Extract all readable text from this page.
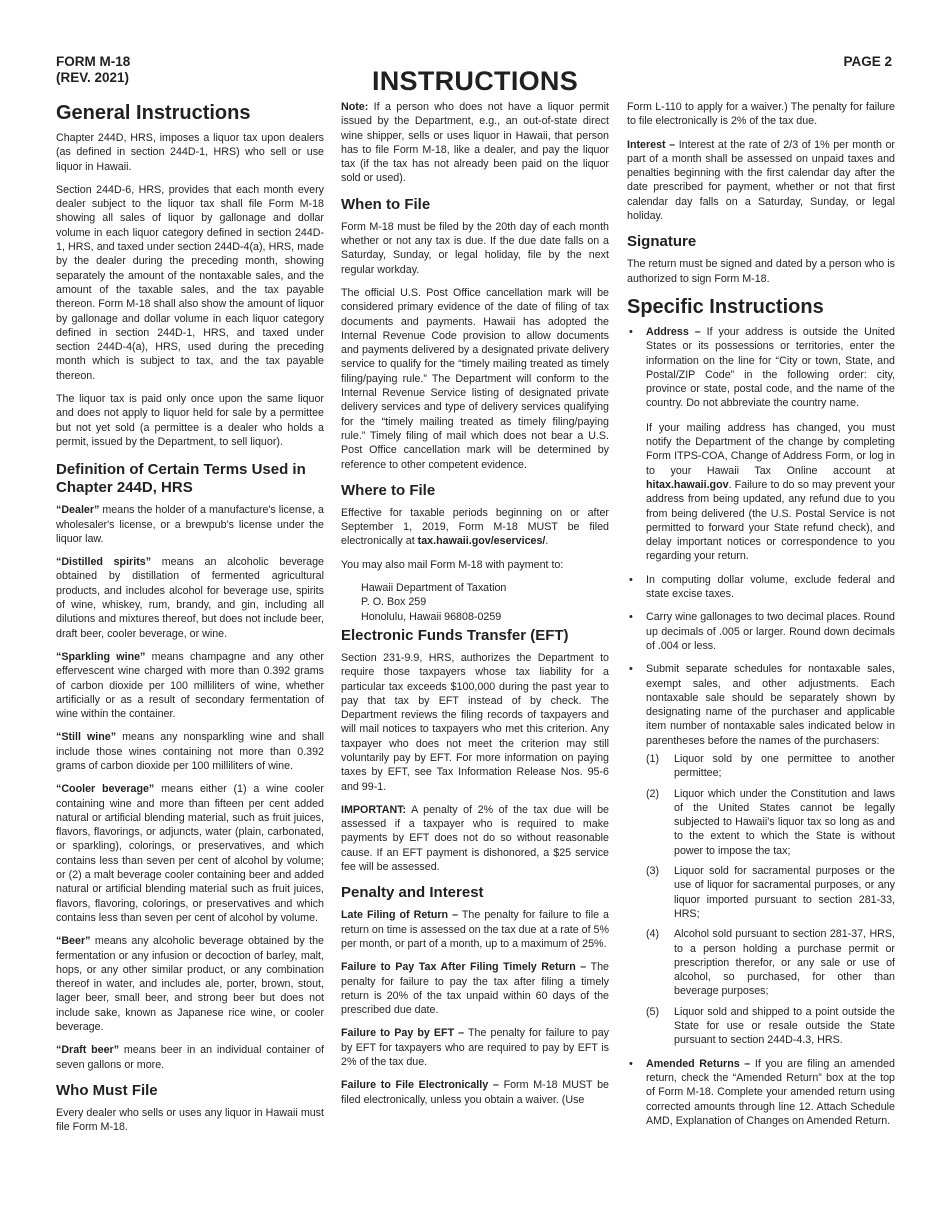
FORM M-18
(REV. 2021)
PAGE 2
INSTRUCTIONS
General Instructions

Chapter 244D, HRS, imposes a liquor tax upon dealers (as defined in section 244D-1, HRS) who sell or use liquor in Hawaii.

Section 244D-6, HRS, provides that each month every dealer subject to the liquor tax shall file Form M-18 showing all sales of liquor by gallonage and dollar volume in each liquor category defined in section 244D-1, HRS, and taxed under section 244D-4(a), HRS, made by the dealer during the preceding month, showing separately the amount of the nontaxable sales, and the amount of the taxable sales, and the tax payable thereon. Form M-18 shall also show the amount of liquor by gallonage and dollar volume in each liquor category defined in section 244D-1, HRS, and taxed under section 244D-4(a), HRS, used during the preceding month which is subject to tax, and the tax payable thereon.

The liquor tax is paid only once upon the same liquor and does not apply to liquor held for sale by a permittee but not yet sold (a permittee is a dealer who holds a permit, issued by the Department, to sell liquor).

Definition of Certain Terms Used in Chapter 244D, HRS

“Dealer” means the holder of a manufacture's license, a wholesaler's license, or a brewpub's license under the liquor law.

“Distilled spirits” means an alcoholic beverage obtained by distillation of fermented agricultural products, and includes alcohol for beverage use, spirits of wine, whiskey, rum, brandy, and gin, including all dilutions and mixtures thereof, but does not include beer, draft beer, cooler beverage, or wine.

“Sparkling wine” means champagne and any other effervescent wine charged with more than 0.392 grams of carbon dioxide per 100 milliliters of wine, whether artificially or as a result of secondary fermentation of wine within the container.

“Still wine” means any nonsparkling wine and shall include those wines containing not more than 0.392 grams of carbon dioxide per 100 milliliters of wine.

“Cooler beverage” means either (1) a wine cooler containing wine and more than fifteen per cent added natural or artificial blending material, such as fruit juices, flavors, flavorings, or adjuncts, water (plain, carbonated, or sparkling), colorings, or preservatives, and which contains less than seven per cent of alcohol by volume; or (2) a malt beverage cooler containing beer and added natural or artificial blending material such as fruit juices, flavors, flavoring, colorings, or preservatives and which contains less than seven per cent of alcohol by volume.

“Beer” means any alcoholic beverage obtained by the fermentation or any infusion or decoction of barley, malt, hops, or any other similar product, or any combination thereof in water, and includes ale, porter, brown, stout, lager beer, small beer, and strong beer but does not include sake, known as Japanese rice wine, or cooler beverage.

“Draft beer” means beer in an individual container of seven gallons or more.

Who Must File

Every dealer who sells or uses any liquor in Hawaii must file Form M-18.

Note: If a person who does not have a liquor permit issued by the Department, e.g., an out-of-state direct wine shipper, sells or uses liquor in Hawaii, that person has to file Form M-18, like a dealer, and pay the liquor tax (if the tax has not already been paid on the liquor sold or used).

When to File

Form M-18 must be filed by the 20th day of each month whether or not any tax is due. If the due date falls on a Saturday, Sunday, or legal holiday, file by the next regular workday.

The official U.S. Post Office cancellation mark will be considered primary evidence of the date of filing of tax documents and payments. Hawaii has adopted the Internal Revenue Code provision to allow documents and payments delivered by a designated private delivery service to qualify for the “timely mailing treated as timely filing/paying rule.” The Department will conform to the Internal Revenue Service listing of designated private delivery services and type of delivery services qualifying for the “timely mailing treated as timely filing/paying rule.” Timely filing of mail which does not bear a U.S. Post Office cancellation mark will be determined by reference to other competent evidence.

Where to File

Effective for taxable periods beginning on or after September 1, 2019, Form M-18 MUST be filed electronically at tax.hawaii.gov/eservices/.

You may also mail Form M-18 with payment to:

Hawaii Department of Taxation
P. O. Box 259
Honolulu, Hawaii 96808-0259
Electronic Funds Transfer (EFT)

Section 231-9.9, HRS, authorizes the Department to require those taxpayers whose tax liability for a particular tax exceeds $100,000 during the past year to pay that tax by EFT instead of by check. The Department reviews the filing records of taxpayers and will mail notices to taxpayers who met this criterion. Any taxpayer who does not meet the criterion may still voluntarily pay by EFT. For more information on paying taxes by EFT, see Tax Information Release Nos. 95-6 and 99-1.

IMPORTANT: A penalty of 2% of the tax due will be assessed if a taxpayer who is required to make payments by EFT does not do so without reasonable cause. If an EFT payment is dishonored, a $25 service fee will be assessed.

Penalty and Interest

Late Filing of Return – The penalty for failure to file a return on time is assessed on the tax due at a rate of 5% per month, or part of a month, up to a maximum of 25%.

Failure to Pay Tax After Filing Timely Return – The penalty for failure to pay the tax after filing a timely return is 20% of the tax unpaid within 60 days of the prescribed due date.

Failure to Pay by EFT – The penalty for failure to pay by EFT for taxpayers who are required to pay by EFT is 2% of the tax due.

Failure to File Electronically – Form M-18 MUST be filed electronically, unless you obtain a waiver. (Use

Form L-110 to apply for a waiver.) The penalty for failure to file electronically is 2% of the tax due.

Interest – Interest at the rate of 2/3 of 1% per month or part of a month shall be assessed on unpaid taxes and penalties beginning with the first calendar day after the date prescribed for payment, whether or not that first calendar day falls on a Saturday, Sunday, or legal holiday.

Signature

The return must be signed and dated by a person who is authorized to sign Form M-18.

Specific Instructions
• Address – If your address is outside the United States or its possessions or territories, enter the information on the line for “City or town, State, and Postal/ZIP Code” in the following order: city, province or state, postal code, and the name of the country. Do not abbreviate the country name.

If your mailing address has changed, you must notify the Department of the change by completing Form ITPS-COA, Change of Address Form, or log in to your Hawaii Tax Online account at hitax.hawaii.gov. Failure to do so may prevent your address from being updated, any refund due to you from being delivered (the U.S. Postal Service is not permitted to forward your State refund check), and delay important notices or correspondence to you regarding your return.

• In computing dollar volume, exclude federal and state excise taxes.

• Carry wine gallonages to two decimal places. Round up decimals of .005 or larger. Round down decimals of .004 or less.

• Submit separate schedules for nontaxable sales, exempt sales, and other adjustments. Each nontaxable sale should be separately shown by designating name of the purchaser and applicable item number of nontaxable sales indicated below in parentheses before the names of the purchasers:

(1) Liquor sold by one permittee to another permittee;

(2) Liquor which under the Constitution and laws of the United States cannot be legally subjected to Hawaii's liquor tax so long as and to the extent to which the State is without power to impose the tax;

(3) Liquor sold for sacramental purposes or the use of liquor for sacramental purposes, or any liquor imported pursuant to section 281-33, HRS;

(4) Alcohol sold pursuant to section 281-37, HRS, to a person holding a purchase permit or prescription therefor, or any sale or use of alcohol, so purchased, for other than beverage purposes;

(5) Liquor sold and shipped to a point outside the State for use or resale outside the State pursuant to section 244D-4.3, HRS.

• Amended Returns – If you are filing an amended return, check the “Amended Return” box at the top of Form M-18. Complete your amended return using corrected amounts through line 12. Attach Schedule AMD, Explanation of Changes on Amended Return.
